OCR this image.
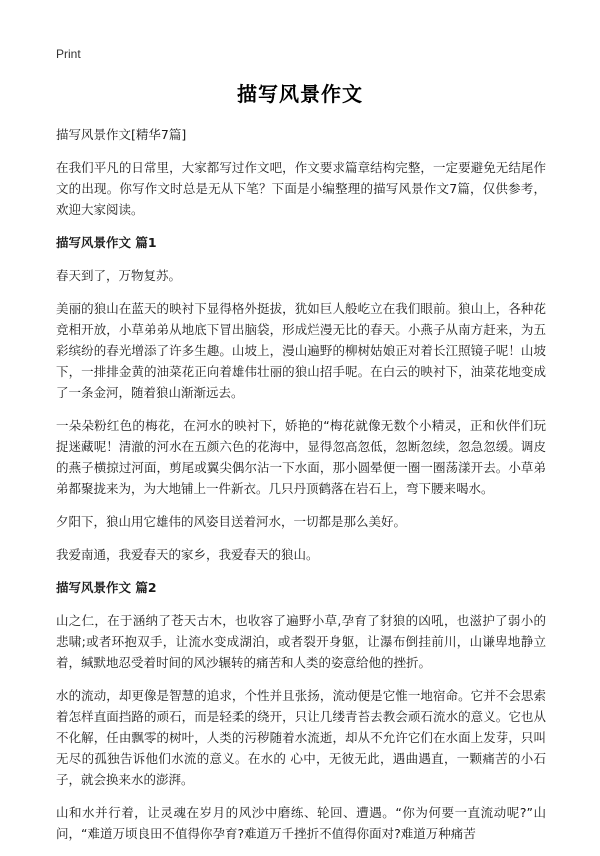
Print
描写风景作文

描写风景作文[精华7篇]

在我们平凡的日常里，大家都写过作文吧，作文要求篇章结构完整，一定要避免无结尾作文的出现。你写作文时总是无从下笔？下面是小编整理的描写风景作文7篇，仅供参考，欢迎大家阅读。

描写风景作文 篇1

春天到了，万物复苏。

美丽的狼山在蓝天的映衬下显得格外挺拔，犹如巨人般屹立在我们眼前。狼山上，各种花竞相开放，小草弟弟从地底下冒出脑袋，形成烂漫无比的春天。小燕子从南方赶来，为五彩缤纷的春光增添了许多生趣。山坡上，漫山遍野的柳树姑娘正对着长江照镜子呢！山坡下，一排排金黄的油菜花正向着雄伟壮丽的狼山招手呢。在白云的映衬下，油菜花地变成了一条金河，随着狼山渐渐远去。

一朵朵粉红色的梅花，在河水的映衬下，娇艳的“梅花就像无数个小精灵，正和伙伴们玩捉迷藏呢！清澈的河水在五颜六色的花海中，显得忽高忽低，忽断忽续，忽急忽缓。调皮的燕子横掠过河面，剪尾或翼尖偶尔沾一下水面，那小圆晕便一圈一圈荡漾开去。小草弟弟都聚拢来为，为大地铺上一件新衣。几只丹顶鹤落在岩石上，弯下腰来喝水。

夕阳下，狼山用它雄伟的风姿目送着河水，一切都是那么美好。

我爱南通，我爱春天的家乡，我爱春天的狼山。

描写风景作文 篇2

山之仁，在于涵纳了苍天古木，也收容了遍野小草,孕育了豺狼的凶吼，也滋护了弱小的悲啸;或者环抱双手，让流水变成湖泊，或者裂开身躯，让瀑布倒挂前川，山谦卑地静立着，缄默地忍受着时间的风沙辗转的痛苦和人类的姿意给他的挫折。

水的流动，却更像是智慧的追求，个性并且张扬，流动便是它惟一地宿命。它并不会思索着怎样直面挡路的顽石，而是轻柔的绕开，只让几缕青苔去教会顽石流水的意义。它也从不化解，任由飘零的树叶，人类的污秽随着水流逝，却从不允许它们在水面上发芽，只叫无尽的孤独告诉他们水流的意义。在水的 心中，无彼无此，遇曲遇直，一颗痛苦的小石子，就会换来水的澎湃。

山和水并行着，让灵魂在岁月的风沙中磨练、轮回、遭遇。“你为何要一直流动呢?”山问，“难道万顷良田不值得你孕育?难道万千挫折不值得你面对?难道万种痛苦
